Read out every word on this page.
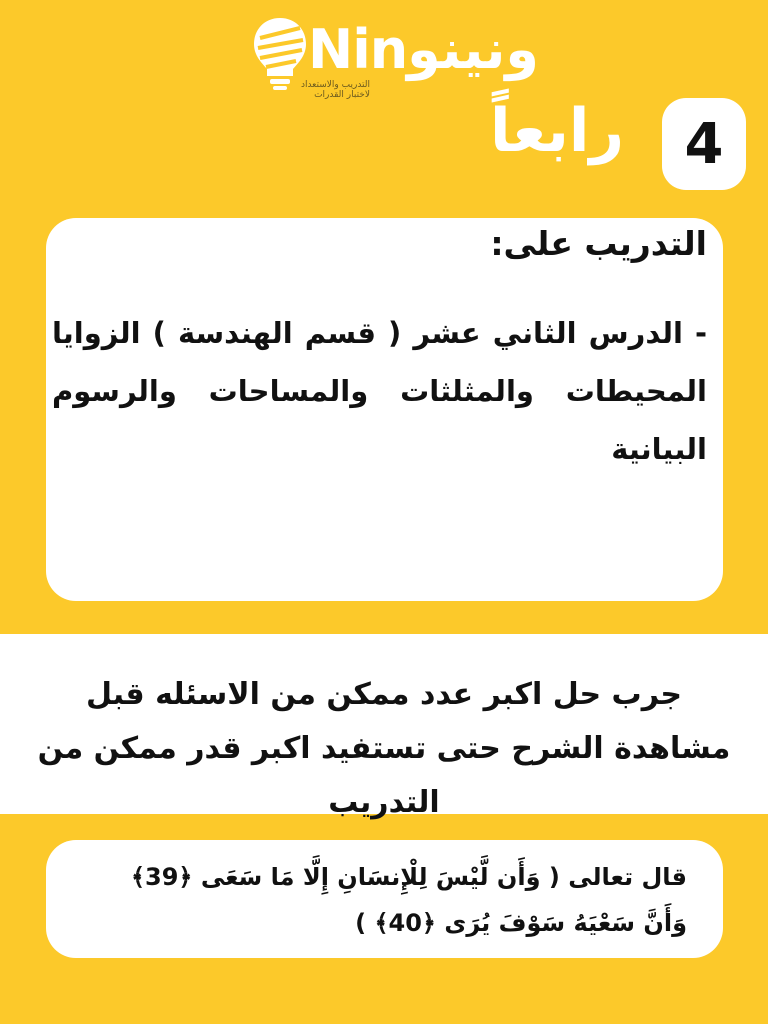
Ninونينو
التدريب والاستعداد
لاختبار القدرات
رابعاً	4
التدريب على:
- الدرس الثاني عشر ( قسم الهندسة ) الزوايا المحيطات والمثلثات والمساحات والرسوم البيانية
جرب حل اكبر عدد ممكن من الاسئله قبل مشاهدة الشرح حتى تستفيد اكبر قدر ممكن من التدريب
قال تعالى ( وَأَن لَّيْسَ لِلْإِنسَانِ إِلَّا مَا سَعَى ﴿39﴾
وَأَنَّ سَعْيَهُ سَوْفَ يُرَى ﴿40﴾ )
